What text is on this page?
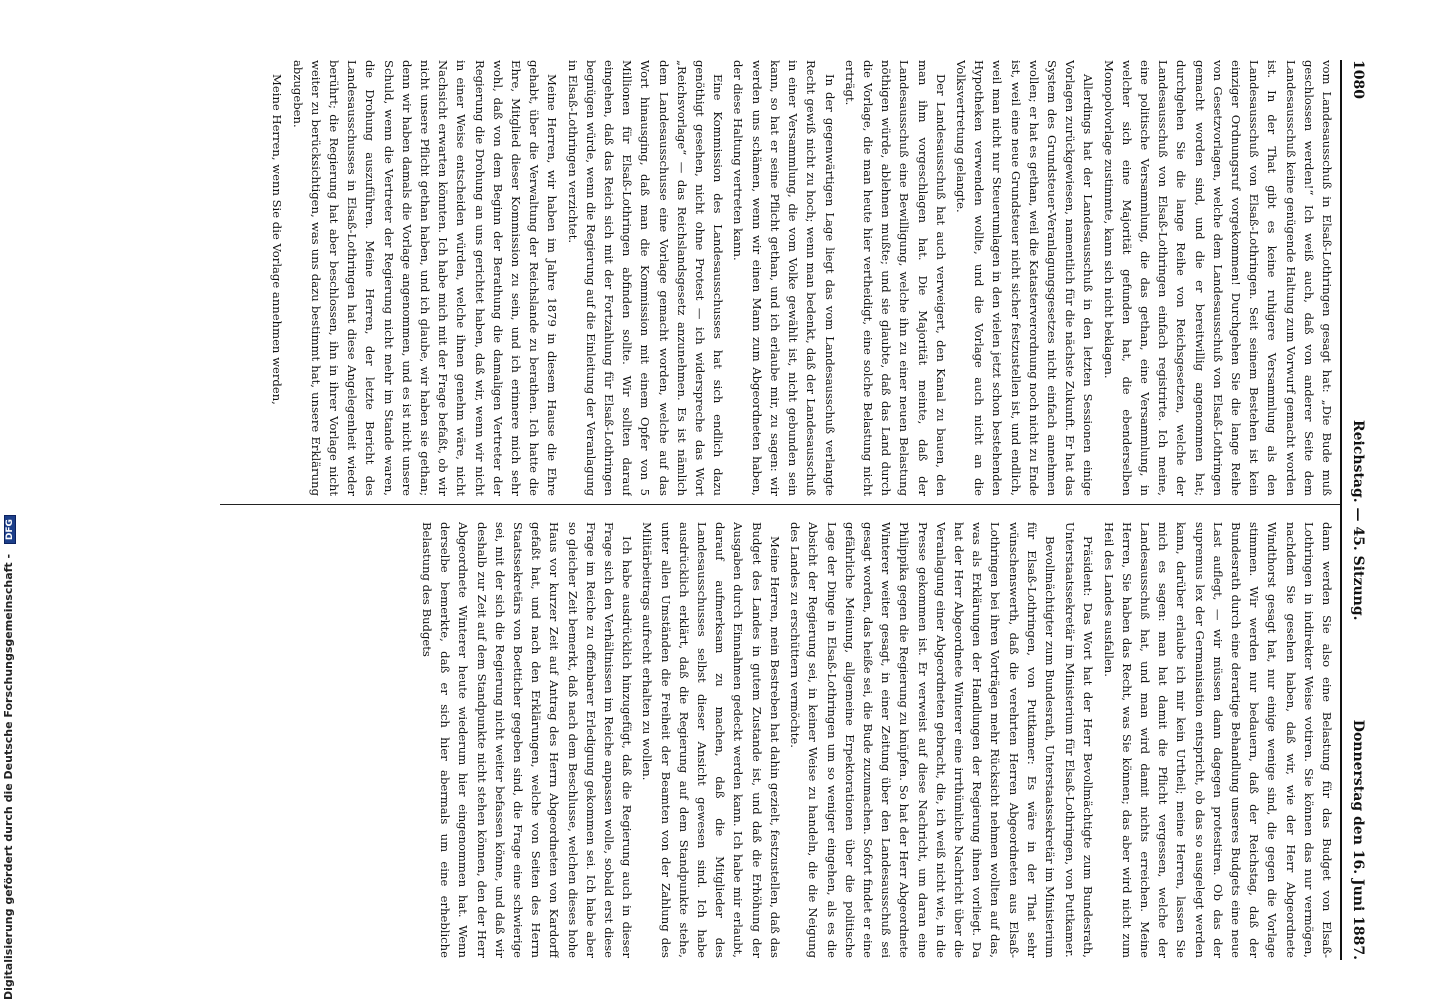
1080
Reichstag. — 45. Sitzung.
Donnerstag den 16. Juni 1887.

vom Landesausschuß in Elsaß-Lothringen gesagt hat: „Die Bude muß geschlossen werden!“ Ich weiß auch, daß von anderer Seite dem Landesausschuß keine genügende Haltung zum Vorwurf gemacht worden ist. In der That gibt es keine ruhigere Versammlung als den Landesausschuß von Elsaß-Lothringen. Seit seinem Bestehen ist kein einziger Ordnungsruf vorgekommen! Durchgehen Sie die lange Reihe von Gesetzvorlagen, welche dem Landesausschuß von Elsaß-Lothringen gemacht worden sind, und die er bereitwillig angenommen hat; durchgehen Sie die lange Reihe von Reichsgesetzen, welche der Landesausschuß von Elsaß-Lothringen einfach registrirte. Ich meine, eine politische Versammlung, die das gethan, eine Versammlung, in welcher sich eine Majorität gefunden hat, die ebenderselben Monopolvorlage zustimmte, kann sich nicht beklagen.

Allerdings hat der Landesausschuß in den letzten Sessionen einige Vorlagen zurückgewiesen, namentlich für die nächste Zukunft. Er hat das System des Grundsteuer-Veranlagungsgesetzes nicht einfach annehmen wollen; er hat es gethan, weil die Katasterverordnung noch nicht zu Ende ist, weil eine neue Grundsteuer nicht sicher festzustellen ist, und endlich, weil man nicht nur Steuerumlagen in den vielen jetzt schon bestehenden Hypotheken verwenden wollte, und die Vorlage auch nicht an die Volksvertretung gelangte.

Der Landesausschuß hat auch verweigert, den Kanal zu bauen, den man ihm vorgeschlagen hat. Die Majorität meinte, daß der Landesausschuß eine Bewilligung, welche ihn zu einer neuen Belastung nöthigen würde, ablehnen mußte; und sie glaubte, daß das Land durch die Vorlage, die man heute hier vertheidigt, eine solche Belastung nicht erträgt.

In der gegenwärtigen Lage liegt das vom Landesausschuß verlangte Recht gewiß nicht zu hoch; wenn man bedenkt, daß der Landesausschuß in einer Versammlung, die vom Volke gewählt ist, nicht gebunden sein kann, so hat er seine Pflicht gethan, und ich erlaube mir, zu sagen: wir werden uns schämen, wenn wir einen Mann zum Abgeordneten haben, der diese Haltung vertreten kann.

Eine Kommission des Landesausschusses hat sich endlich dazu genöthigt gesehen, nicht ohne Protest — ich widerspreche das Wort „Reichsvorlage“ — das Reichslandsgesetz anzunehmen. Es ist nämlich dem Landesausschusse eine Vorlage gemacht worden, welche auf das Wort hinausging, daß man die Kommission mit einem Opfer von 5 Millionen für Elsaß-Lothringen abfinden sollte. Wir sollten darauf eingehen, daß das Reich sich mit der Fortzahlung für Elsaß-Lothringen begnügen würde, wenn die Regierung auf die Einleitung der Veranlagung in Elsaß-Lothringen verzichtet.

Meine Herren, wir haben im Jahre 1879 in diesem Hause die Ehre gehabt, über die Verwaltung der Reichslande zu berathen. Ich hatte die Ehre, Mitglied dieser Kommission zu sein, und ich erinnere mich sehr wohl, daß von dem Beginn der Berathung die damaligen Vertreter der Regierung die Drohung an uns gerichtet haben, daß wir, wenn wir nicht in einer Weise entscheiden würden, welche ihnen genehm wäre, nicht Nachsicht erwarten könnten. Ich habe mich mit der Frage befaßt, ob wir nicht unsere Pflicht gethan haben, und ich glaube, wir haben sie gethan; denn wir haben damals die Vorlage angenommen, und es ist nicht unsere Schuld, wenn die Vertreter der Regierung nicht mehr im Stande waren, die Drohung auszuführen. Meine Herren, der letzte Bericht des Landesausschusses in Elsaß-Lothringen hat diese Angelegenheit wieder berührt; die Regierung hat aber beschlossen, ihn in ihrer Vorlage nicht weiter zu berücksichtigen, was uns dazu bestimmt hat, unsere Erklärung abzugeben.

Meine Herren, wenn Sie die Vorlage annehmen werden,

dann werden Sie also eine Belastung für das Budget von Elsaß-Lothringen in indirekter Weise votiren. Sie können das nur vermögen, nachdem Sie gesehen haben, daß wir, wie der Herr Abgeordnete Windthorst gesagt hat, nur einige wenige sind, die gegen die Vorlage stimmen. Wir werden nur bedauern, daß der Reichstag, daß der Bundesrath durch eine derartige Behandlung unseres Budgets eine neue Last auflegt, — wir müssen dann dagegen protestiren. Ob das der supremus lex der Germanisation entspricht, ob das so ausgelegt werden kann, darüber erlaube ich mir kein Urtheil; meine Herren, lassen Sie mich es sagen: man hat damit die Pflicht vergessen, welche der Landesausschuß hat, und man wird damit nichts erreichen. Meine Herren, Sie haben das Recht, was Sie können; das aber wird nicht zum Heil des Landes ausfallen.

Präsident: Das Wort hat der Herr Bevollmächtigte zum Bundesrath, Unterstaatssekretär im Ministerium für Elsaß-Lothringen, von Puttkamer.

Bevollmächtigter zum Bundesrath, Unterstaatssekretär im Ministerium für Elsaß-Lothringen, von Puttkamer: Es wäre in der That sehr wünschenswerth, daß die verehrten Herren Abgeordneten aus Elsaß-Lothringen bei ihren Vorträgen mehr Rücksicht nehmen wollten auf das, was als Erklärungen der Handlungen der Regierung ihnen vorliegt. Da hat der Herr Abgeordnete Winterer eine irrthümliche Nachricht über die Veranlagung einer Abgeordneten gebracht, die, ich weiß nicht wie, in die Presse gekommen ist. Er verweist auf diese Nachricht, um daran eine Philippika gegen die Regierung zu knüpfen. So hat der Herr Abgeordnete Winterer weiter gesagt, in einer Zeitung über den Landesausschuß sei gesagt worden, das heiße sei, die Bude zuzumachen. Sofort findet er eine gefährliche Meinung, allgemeine Erpektorationen über die politische Lage der Dinge in Elsaß-Lothringen um so weniger eingehen, als es die Absicht der Regierung sei, in keiner Weise zu handeln, die die Neigung des Landes zu erschüttern vermöchte.

Meine Herren, mein Bestreben hat dahin gezielt, festzustellen, daß das Budget des Landes in gutem Zustande ist, und daß die Erhöhung der Ausgaben durch Einnahmen gedeckt werden kann. Ich habe mir erlaubt, darauf aufmerksam zu machen, daß die Mitglieder des Landesausschusses selbst dieser Ansicht gewesen sind. Ich habe ausdrücklich erklärt, daß die Regierung auf dem Standpunkte stehe, unter allen Umständen die Freiheit der Beamten von der Zahlung des Militärbeitrags aufrecht erhalten zu wollen.

Ich habe ausdrücklich hinzugefügt, daß die Regierung auch in dieser Frage sich den Verhältnissen im Reiche anpassen wolle, sobald erst diese Frage im Reiche zu offenbarer Erledigung gekommen sei. Ich habe aber so gleicher Zeit bemerkt, daß nach dem Beschlusse, welchen dieses hohe Haus vor kurzer Zeit auf Antrag des Herrn Abgeordneten von Kardorff gefaßt hat, und nach den Erklärungen, welche von Seiten des Herrn Staatssekretärs von Boetticher gegeben sind, die Frage eine schwierige sei, mit der sich die Regierung nicht weiter befassen könne, und daß wir deshalb zur Zeit auf dem Standpunkte nicht stehen können, den der Herr Abgeordnete Winterer heute wiederum hier eingenommen hat. Wenn derselbe bemerkte, daß er sich hier abermals um eine erhebliche Belastung des Budgets

Digitalisierung gefördert durch die Deutsche Forschungsgemeinschaft - DFG
